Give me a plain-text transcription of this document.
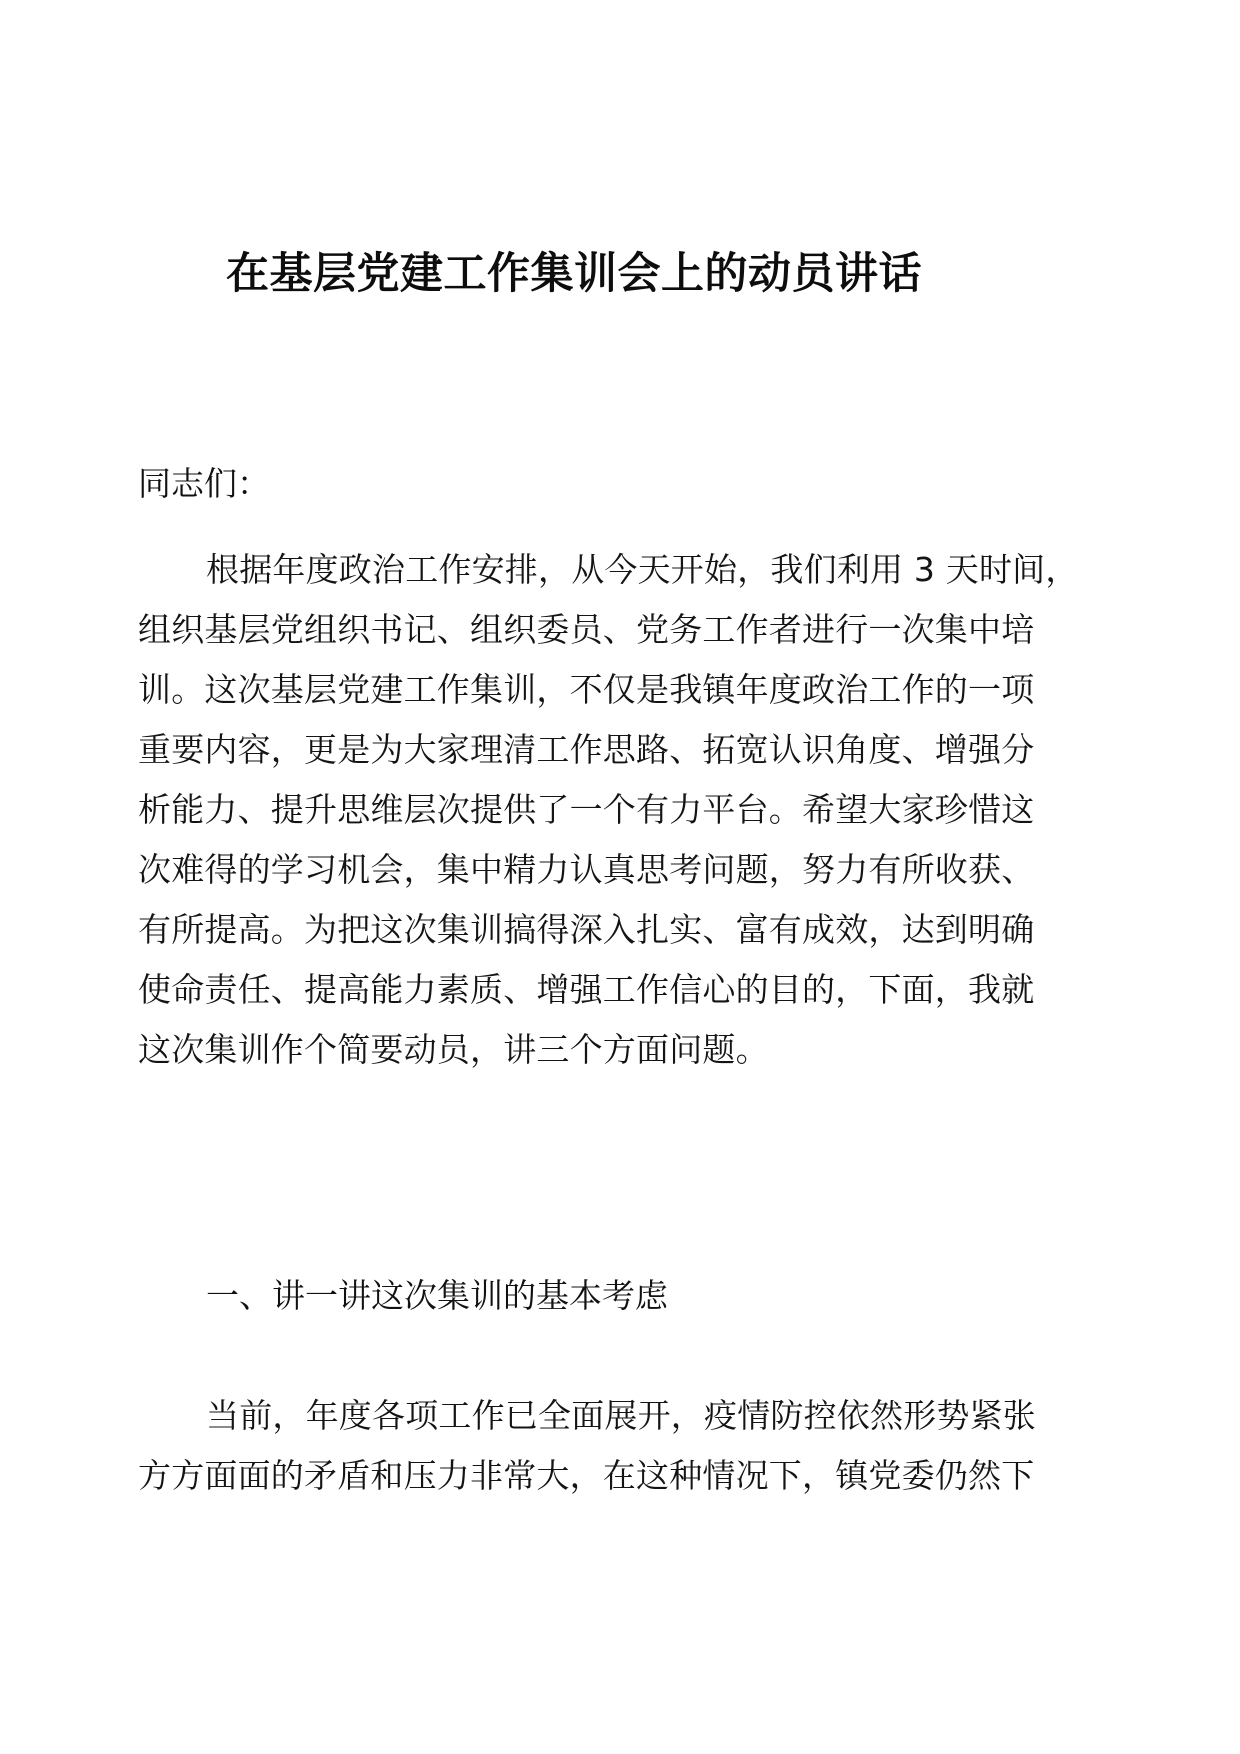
在基层党建工作集训会上的动员讲话

同志们：

根据年度政治工作安排，从今天开始，我们利用 3 天时间，
组织基层党组织书记、组织委员、党务工作者进行一次集中培
训。这次基层党建工作集训，不仅是我镇年度政治工作的一项
重要内容，更是为大家理清工作思路、拓宽认识角度、增强分
析能力、提升思维层次提供了一个有力平台。希望大家珍惜这
次难得的学习机会，集中精力认真思考问题，努力有所收获、
有所提高。为把这次集训搞得深入扎实、富有成效，达到明确
使命责任、提高能力素质、增强工作信心的目的，下面，我就
这次集训作个简要动员，讲三个方面问题。

一、讲一讲这次集训的基本考虑

当前，年度各项工作已全面展开，疫情防控依然形势紧张
方方面面的矛盾和压力非常大，在这种情况下，镇党委仍然下
